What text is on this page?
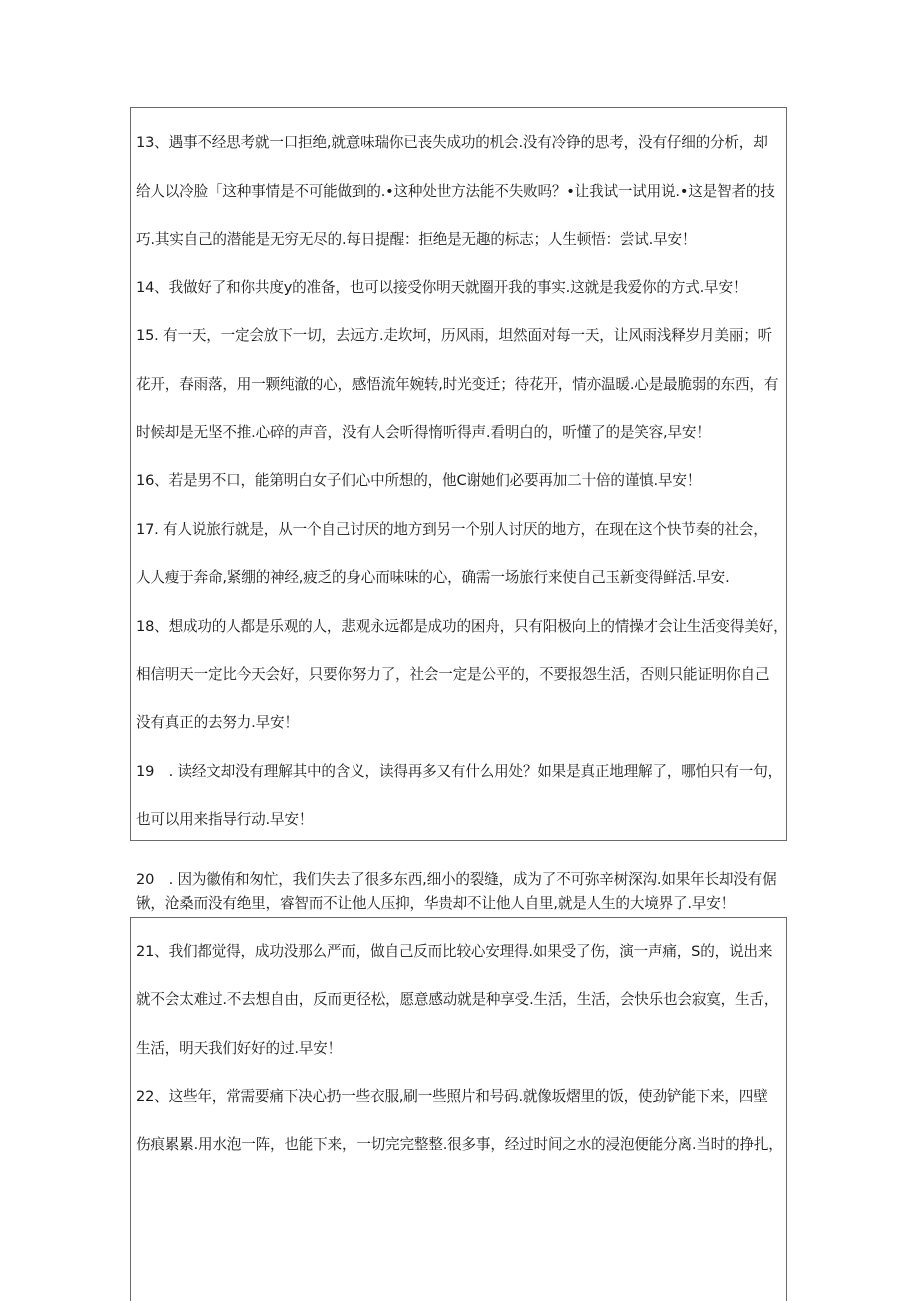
13、遇事不经思考就一口拒绝,就意味瑞你已丧失成功的机会.没有冷铮的思考，没有仔细的分析，却
给人以冷脸「这种事情是不可能做到的.•这种处世方法能不失败吗？•让我试一试用说.•这是智者的技
巧.其实自己的潜能是无穷无尽的.每日提醒：拒绝是无趣的标志；人生顿悟：尝试.早安！
14、我做好了和你共度y的准备，也可以接受你明天就圈开我的事实.这就是我爱你的方式.早安！
15. 有一天，一定会放下一切，去远方.走坎坷，历风雨，坦然面对每一天，让风雨浅释岁月美丽；听
花开，春雨落，用一颗纯澈的心，感悟流年婉转,时光变迁；待花开，情亦温暖.心是最脆弱的东西，有
时候却是无坚不推.心碎的声音，没有人会听得惰听得声.看明白的，听懂了的是笑容,早安！
16、若是男不口，能第明白女子们心中所想的，他C谢她们必要再加二十倍的谨慎.早安！
17. 有人说旅行就是，从一个自己讨厌的地方到另一个别人讨厌的地方，在现在这个快节奏的社会，
人人瘦于奔命,紧绷的神经,疲乏的身心而味味的心，确需一场旅行来使自己玉新变得鲜活.早安.
18、想成功的人都是乐观的人，悲观永远都是成功的困舟，只有阳极向上的情操才会让生活变得美好，
相信明天一定比今天会好，只要你努力了，社会一定是公平的，不要报怨生活，否则只能证明你自己
没有真正的去努力.早安！
19　. 读经文却没有理解其中的含义，读得再多又有什么用处？如果是真正地理解了，哪怕只有一句，
也可以用来指导行动.早安！
20　. 因为徽侑和匆忙，我们失去了很多东西,细小的裂缝，成为了不可弥辛树深沟.如果年长却没有倨
锹，沧桑而没有绝里，睿智而不让他人压抑，华贵却不让他人自里,就是人生的大境界了.早安！
21、我们都觉得，成功没那么严而，做自己反而比较心安理得.如果受了伤，演一声痛，S的，说出来
就不会太难过.不去想自由，反而更径松，愿意感动就是种享受.生活，生活，会快乐也会寂寞，生舌，
生活，明天我们好好的过.早安！
22、这些年，常需要痛下决心扔一些衣服,刷一些照片和号码.就像坂熠里的饭，使劲铲能下来，四壁
伤痕累累.用水泡一阵，也能下来，一切完完整整.很多事，经过时间之水的浸泡便能分离.当时的挣扎，
